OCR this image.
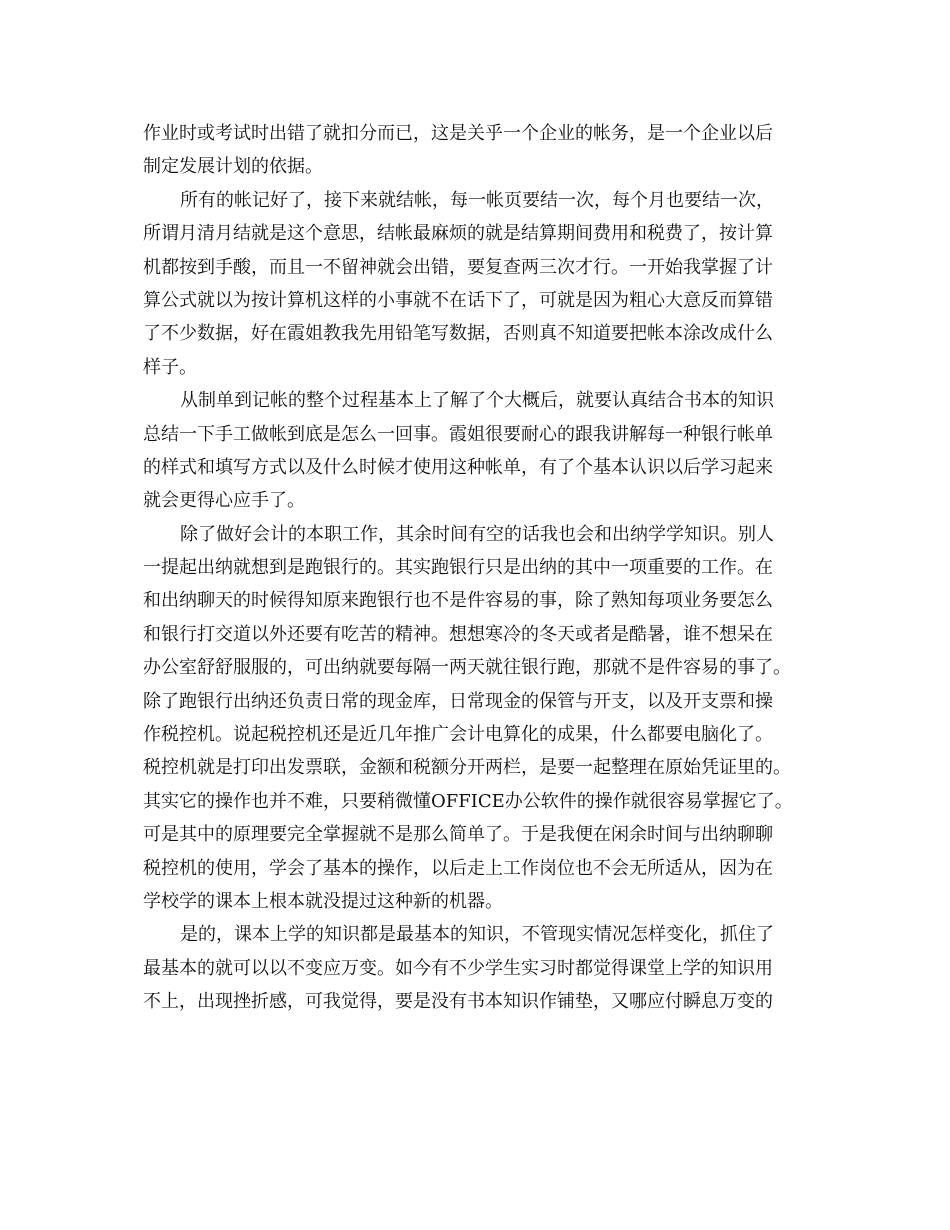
作业时或考试时出错了就扣分而已，这是关乎一个企业的帐务，是一个企业以后
制定发展计划的依据。
所有的帐记好了，接下来就结帐，每一帐页要结一次，每个月也要结一次，
所谓月清月结就是这个意思，结帐最麻烦的就是结算期间费用和税费了，按计算
机都按到手酸，而且一不留神就会出错，要复查两三次才行。一开始我掌握了计
算公式就以为按计算机这样的小事就不在话下了，可就是因为粗心大意反而算错
了不少数据，好在霞姐教我先用铅笔写数据，否则真不知道要把帐本涂改成什么
样子。
从制单到记帐的整个过程基本上了解了个大概后，就要认真结合书本的知识
总结一下手工做帐到底是怎么一回事。霞姐很要耐心的跟我讲解每一种银行帐单
的样式和填写方式以及什么时候才使用这种帐单，有了个基本认识以后学习起来
就会更得心应手了。
除了做好会计的本职工作，其余时间有空的话我也会和出纳学学知识。别人
一提起出纳就想到是跑银行的。其实跑银行只是出纳的其中一项重要的工作。在
和出纳聊天的时候得知原来跑银行也不是件容易的事，除了熟知每项业务要怎么
和银行打交道以外还要有吃苦的精神。想想寒冷的冬天或者是酷暑，谁不想呆在
办公室舒舒服服的，可出纳就要每隔一两天就往银行跑，那就不是件容易的事了。
除了跑银行出纳还负责日常的现金库，日常现金的保管与开支，以及开支票和操
作税控机。说起税控机还是近几年推广会计电算化的成果，什么都要电脑化了。
税控机就是打印出发票联，金额和税额分开两栏，是要一起整理在原始凭证里的。
其实它的操作也并不难，只要稍微懂OFFICE办公软件的操作就很容易掌握它了。
可是其中的原理要完全掌握就不是那么简单了。于是我便在闲余时间与出纳聊聊
税控机的使用，学会了基本的操作，以后走上工作岗位也不会无所适从，因为在
学校学的课本上根本就没提过这种新的机器。
是的，课本上学的知识都是最基本的知识，不管现实情况怎样变化，抓住了
最基本的就可以以不变应万变。如今有不少学生实习时都觉得课堂上学的知识用
不上，出现挫折感，可我觉得，要是没有书本知识作铺垫，又哪应付瞬息万变的
